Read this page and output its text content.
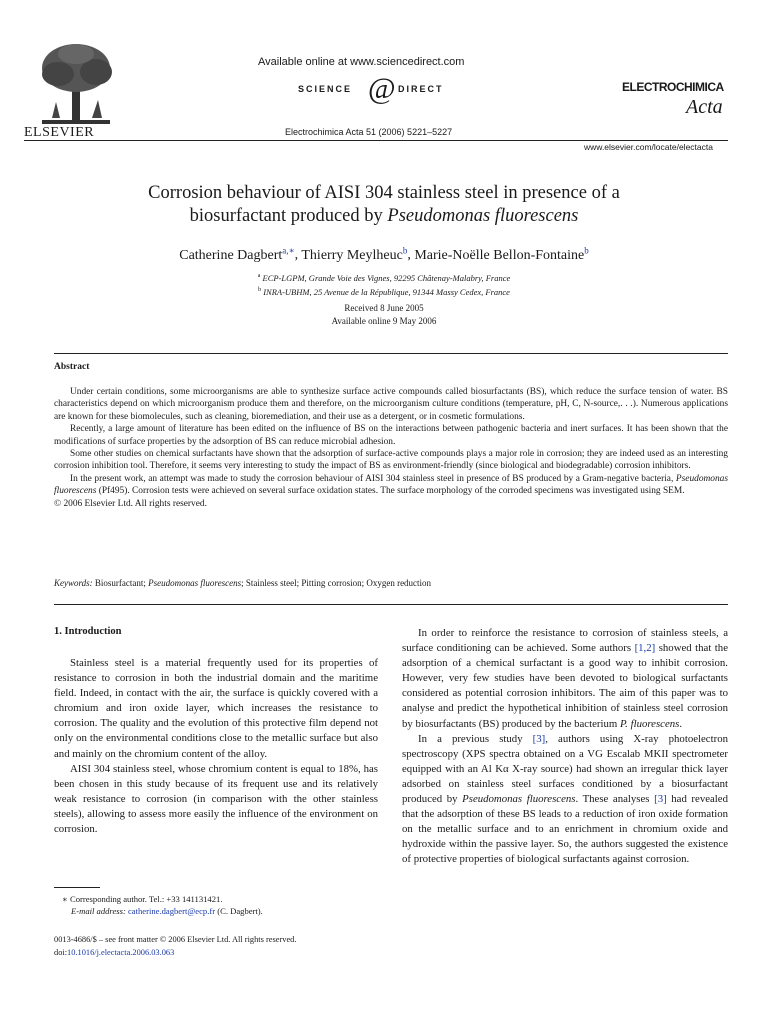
ELSEVIER
Available online at www.sciencedirect.com
SCIENCE @ DIRECT
Electrochimica Acta 51 (2006) 5221–5227
ELECTROCHIMICA
Acta
www.elsevier.com/locate/electacta
Corrosion behaviour of AISI 304 stainless steel in presence of a
biosurfactant produced by Pseudomonas fluorescens
Catherine Dagbert$^{a,∗}$, Thierry Meylheuc$^b$, Marie-Noëlle Bellon-Fontaine$^b$
$^a$ ECP-LGPM, Grande Voie des Vignes, 92295 Châtenay-Malabry, France
$^b$ INRA-UBHM, 25 Avenue de la République, 91344 Massy Cedex, France
Received 8 June 2005
Available online 9 May 2006
Abstract

Under certain conditions, some microorganisms are able to synthesize surface active compounds called biosurfactants (BS), which reduce the surface tension of water. BS characteristics depend on which microorganism produce them and therefore, on the microorganism culture conditions (temperature, pH, C, N-source,. . .). Numerous applications are known for these biomolecules, such as cleaning, bioremediation, and their use as a detergent, or in cosmetic formulations.

Recently, a large amount of literature has been edited on the influence of BS on the interactions between pathogenic bacteria and inert surfaces. It has been shown that the modifications of surface properties by the adsorption of BS can reduce microbial adhesion.

Some other studies on chemical surfactants have shown that the adsorption of surface-active compounds plays a major role in corrosion; they are indeed used as an interesting corrosion inhibition tool. Therefore, it seems very interesting to study the impact of BS as environment-friendly (since biological and biodegradable) corrosion inhibitors.

In the present work, an attempt was made to study the corrosion behaviour of AISI 304 stainless steel in presence of BS produced by a Gram-negative bacteria, Pseudomonas fluorescens (Pf495). Corrosion tests were achieved on several surface oxidation states. The surface morphology of the corroded specimens was investigated using SEM.

© 2006 Elsevier Ltd. All rights reserved.

Keywords: Biosurfactant; Pseudomonas fluorescens; Stainless steel; Pitting corrosion; Oxygen reduction
1. Introduction

Stainless steel is a material frequently used for its properties of resistance to corrosion in both the industrial domain and the maritime field. Indeed, in contact with the air, the surface is quickly covered with a chromium and iron oxide layer, which increases the resistance to corrosion. The quality and the evolution of this protective film depend not only on the environmental conditions close to the metallic surface but also and mainly on the chromium content of the alloy.

AISI 304 stainless steel, whose chromium content is equal to 18%, has been chosen in this study because of its frequent use and its relatively weak resistance to corrosion (in comparison with the other stainless steels), allowing to assess more easily the influence of the environment on corrosion.

∗ Corresponding author. Tel.: +33 141131421.
E-mail address: catherine.dagbert@ecp.fr (C. Dagbert).
0013-4686/$ – see front matter © 2006 Elsevier Ltd. All rights reserved.
doi:10.1016/j.electacta.2006.03.063

In order to reinforce the resistance to corrosion of stainless steels, a surface conditioning can be achieved. Some authors [1,2] showed that the adsorption of a chemical surfactant is a good way to inhibit corrosion. However, very few studies have been devoted to biological surfactants considered as potential corrosion inhibitors. The aim of this paper was to analyse and predict the hypothetical inhibition of stainless steel corrosion by biosurfactants (BS) produced by the bacterium P. fluorescens.

In a previous study [3], authors using X-ray photoelectron spectroscopy (XPS spectra obtained on a VG Escalab MKII spectrometer equipped with an Al Kα X-ray source) had shown an irregular thick layer adsorbed on stainless steel surfaces conditioned by a biosurfactant produced by Pseudomonas fluorescens. These analyses [3] had revealed that the adsorption of these BS leads to a reduction of iron oxide formation on the metallic surface and to an enrichment in chromium oxide and hydroxide within the passive layer. So, the authors suggested the existence of protective properties of biological surfactants against corrosion.
